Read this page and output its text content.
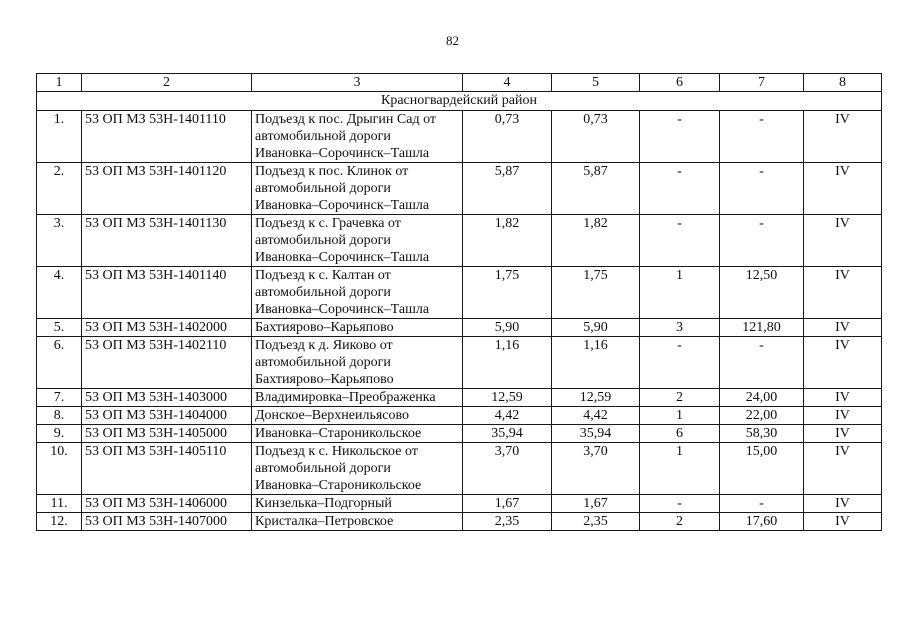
82
1	2	3	4	5	6	7	8
Красногвардейский район							
1.	53 ОП МЗ 53Н-1401110	Подъезд к пос. Дрыгин Сад от
автомобильной дороги
Ивановка–Сорочинск–Ташла	0,73	0,73	-	-	IV
2.	53 ОП МЗ 53Н-1401120	Подъезд к пос. Клинок от
автомобильной дороги
Ивановка–Сорочинск–Ташла	5,87	5,87	-	-	IV
3.	53 ОП МЗ 53Н-1401130	Подъезд к с. Грачевка от
автомобильной дороги
Ивановка–Сорочинск–Ташла	1,82	1,82	-	-	IV
4.	53 ОП МЗ 53Н-1401140	Подъезд к с. Калтан от
автомобильной дороги
Ивановка–Сорочинск–Ташла	1,75	1,75	1	12,50	IV
5.	53 ОП МЗ 53Н-1402000	Бахтиярово–Карьяпово	5,90	5,90	3	121,80	IV
6.	53 ОП МЗ 53Н-1402110	Подъезд к д. Яиково от
автомобильной дороги
Бахтиярово–Карьяпово	1,16	1,16	-	-	IV
7.	53 ОП МЗ 53Н-1403000	Владимировка–Преображенка	12,59	12,59	2	24,00	IV
8.	53 ОП МЗ 53Н-1404000	Донское–Верхнеильясово	4,42	4,42	1	22,00	IV
9.	53 ОП МЗ 53Н-1405000	Ивановка–Староникольское	35,94	35,94	6	58,30	IV
10.	53 ОП МЗ 53Н-1405110	Подъезд к с. Никольское от
автомобильной дороги
Ивановка–Староникольское	3,70	3,70	1	15,00	IV
11.	53 ОП МЗ 53Н-1406000	Кинзелька–Подгорный	1,67	1,67	-	-	IV
12.	53 ОП МЗ 53Н-1407000	Кристалка–Петровское	2,35	2,35	2	17,60	IV
